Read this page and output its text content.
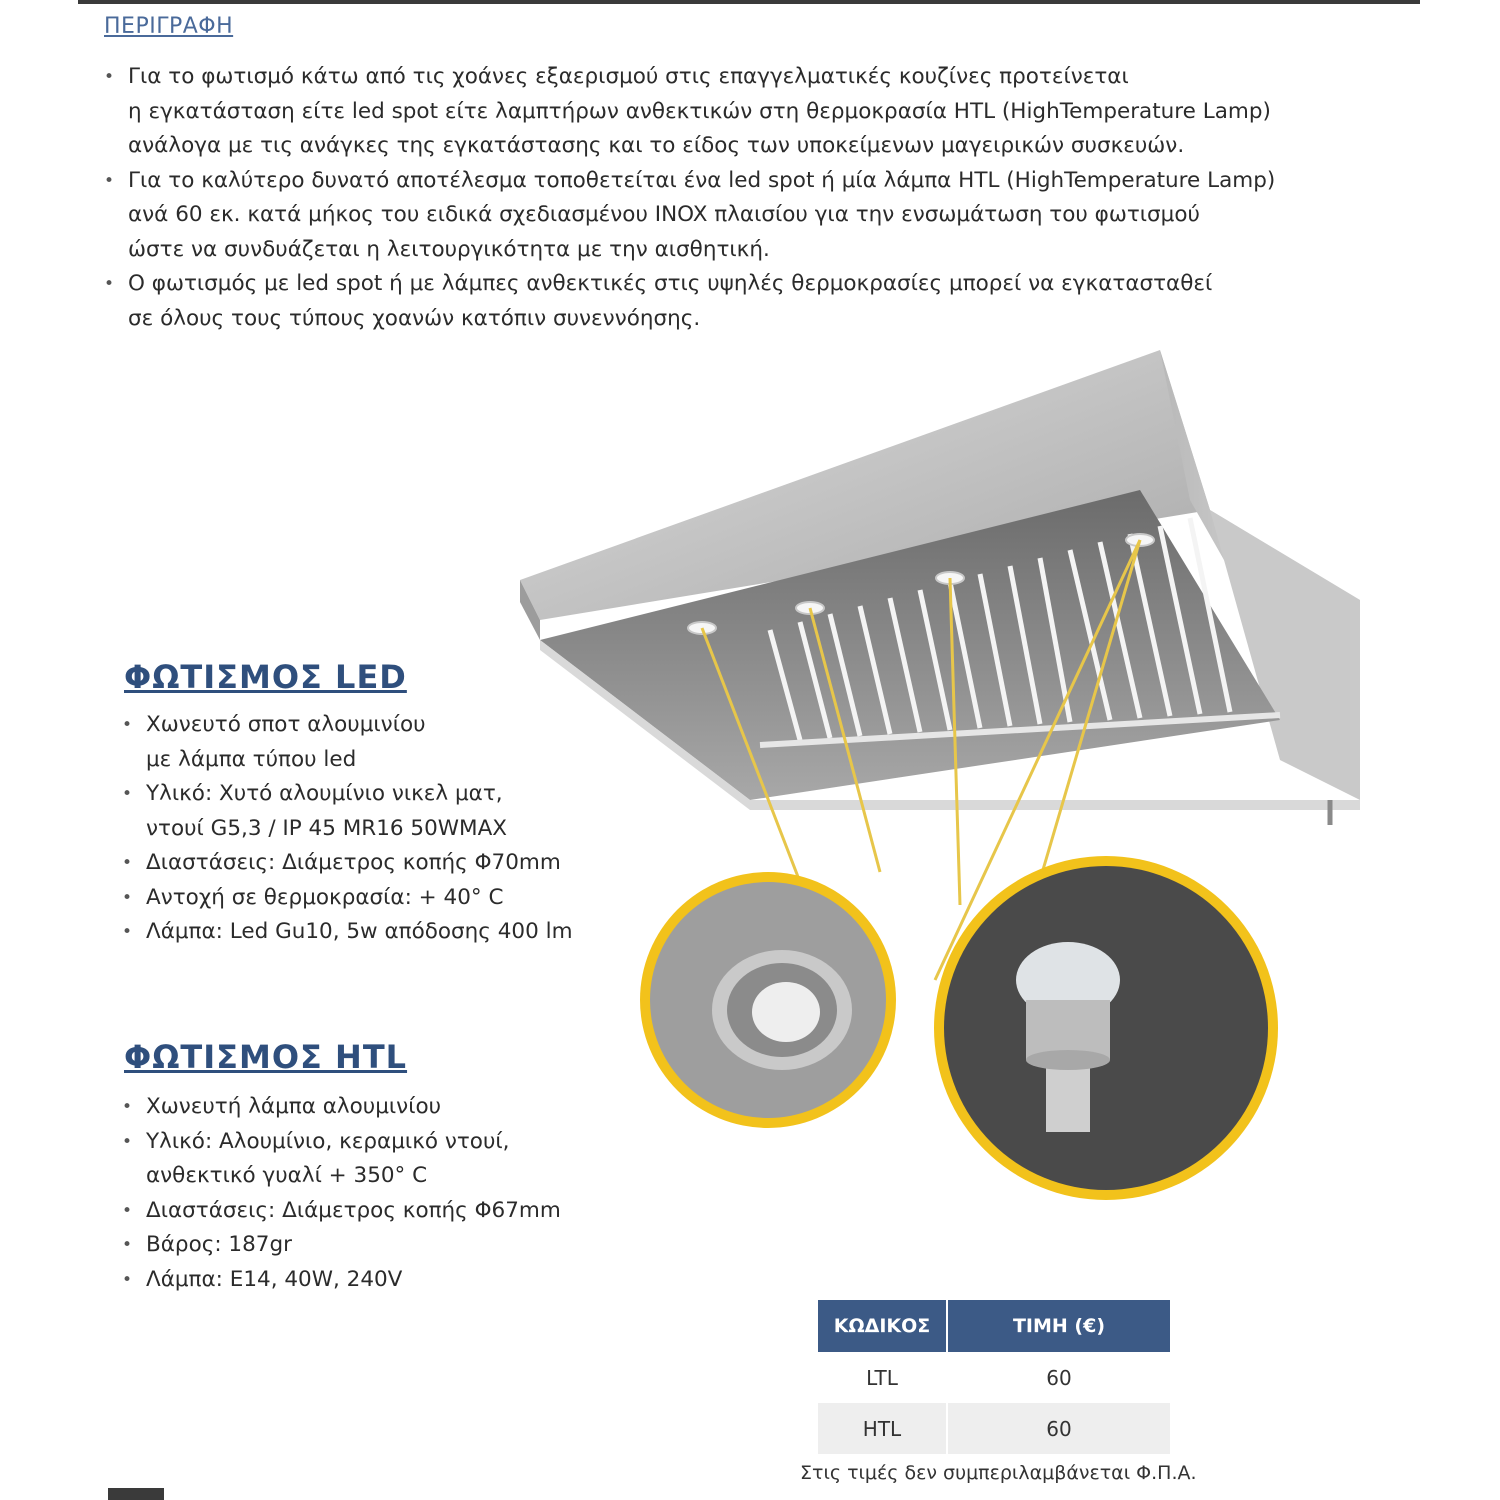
ΠΕΡΙΓΡΑΦΗ
• Για το φωτισμό κάτω από τις χοάνες εξαερισμού στις επαγγελματικές κουζίνες προτείνεται
η εγκατάσταση είτε led spot είτε λαμπτήρων ανθεκτικών στη θερμοκρασία HTL (HighTemperature Lamp)
ανάλογα με τις ανάγκες της εγκατάστασης και το είδος των υποκείμενων μαγειρικών συσκευών.
• Για το καλύτερο δυνατό αποτέλεσμα τοποθετείται ένα led spot ή μία λάμπα HTL (HighTemperature Lamp)
ανά 60 εκ. κατά μήκος του ειδικά σχεδιασμένου INOX πλαισίου για την ενσωμάτωση του φωτισμού
ώστε να συνδυάζεται η λειτουργικότητα με την αισθητική.
• Ο φωτισμός με led spot ή με λάμπες ανθεκτικές στις υψηλές θερμοκρασίες μπορεί να εγκατασταθεί
σε όλους τους τύπους χοανών κατόπιν συνεννόησης.
ΦΩΤΙΣΜΟΣ LED
• Χωνευτό σποτ αλουμινίου
με λάμπα τύπου led
• Υλικό: Χυτό αλουμίνιο νικελ ματ,
ντουί G5,3 / IP 45 MR16 50WMAX
• Διαστάσεις: Διάμετρος κοπής Φ70mm
• Αντοχή σε θερμοκρασία: + 40° C
• Λάμπα: Led Gu10, 5w απόδοσης 400 lm
ΦΩΤΙΣΜΟΣ HTL
• Χωνευτή λάμπα αλουμινίου
• Υλικό: Αλουμίνιο, κεραμικό ντουί,
ανθεκτικό γυαλί + 350° C
• Διαστάσεις: Διάμετρος κοπής Φ67mm
• Βάρος: 187gr
• Λάμπα: Ε14, 40W, 240V
ΚΩΔΙΚΟΣ	ΤΙΜΗ (€)
LTL	60
HTL	60
Στις τιμές δεν συμπεριλαμβάνεται Φ.Π.Α.
